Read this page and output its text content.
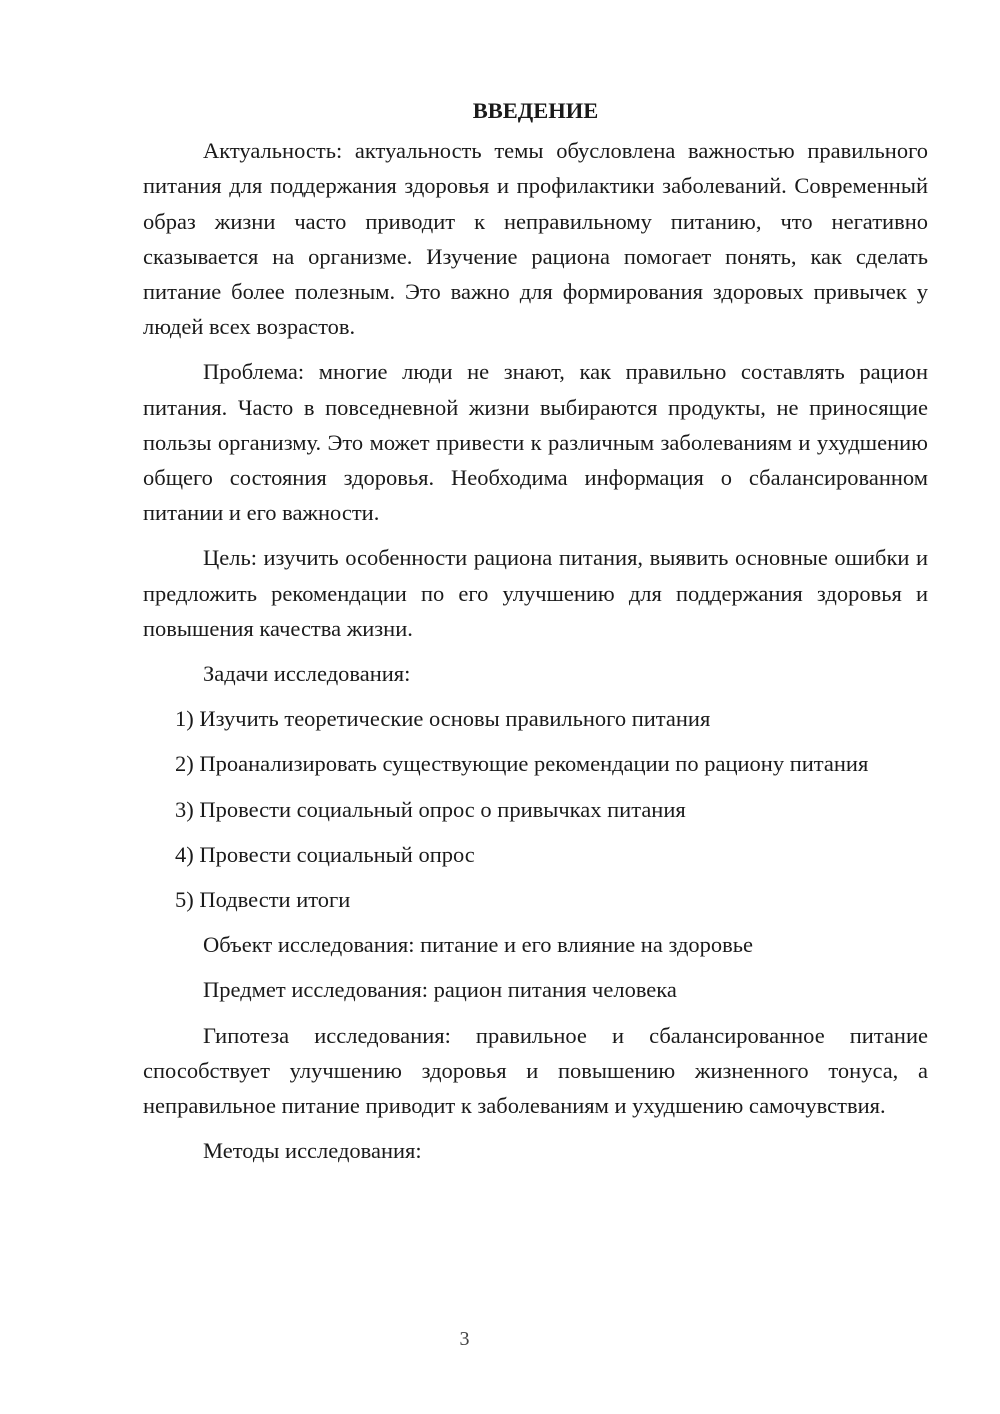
ВВЕДЕНИЕ

Актуальность: актуальность темы обусловлена важностью правильного питания для поддержания здоровья и профилактики заболеваний. Современный образ жизни часто приводит к неправильному питанию, что негативно сказывается на организме. Изучение рациона помогает понять, как сделать питание более полезным. Это важно для формирования здоровых привычек у людей всех возрастов.

Проблема: многие люди не знают, как правильно составлять рацион питания. Часто в повседневной жизни выбираются продукты, не приносящие пользы организму. Это может привести к различным заболеваниям и ухудшению общего состояния здоровья. Необходима информация о сбалансированном питании и его важности.

Цель: изучить особенности рациона питания, выявить основные ошибки и предложить рекомендации по его улучшению для поддержания здоровья и повышения качества жизни.

Задачи исследования:

1) Изучить теоретические основы правильного питания

2) Проанализировать существующие рекомендации по рациону питания

3) Провести социальный опрос о привычках питания

4) Провести социальный опрос

5) Подвести итоги

Объект исследования: питание и его влияние на здоровье

Предмет исследования: рацион питания человека

Гипотеза исследования: правильное и сбалансированное питание способствует улучшению здоровья и повышению жизненного тонуса, а неправильное питание приводит к заболеваниям и ухудшению самочувствия.

Методы исследования:

3
